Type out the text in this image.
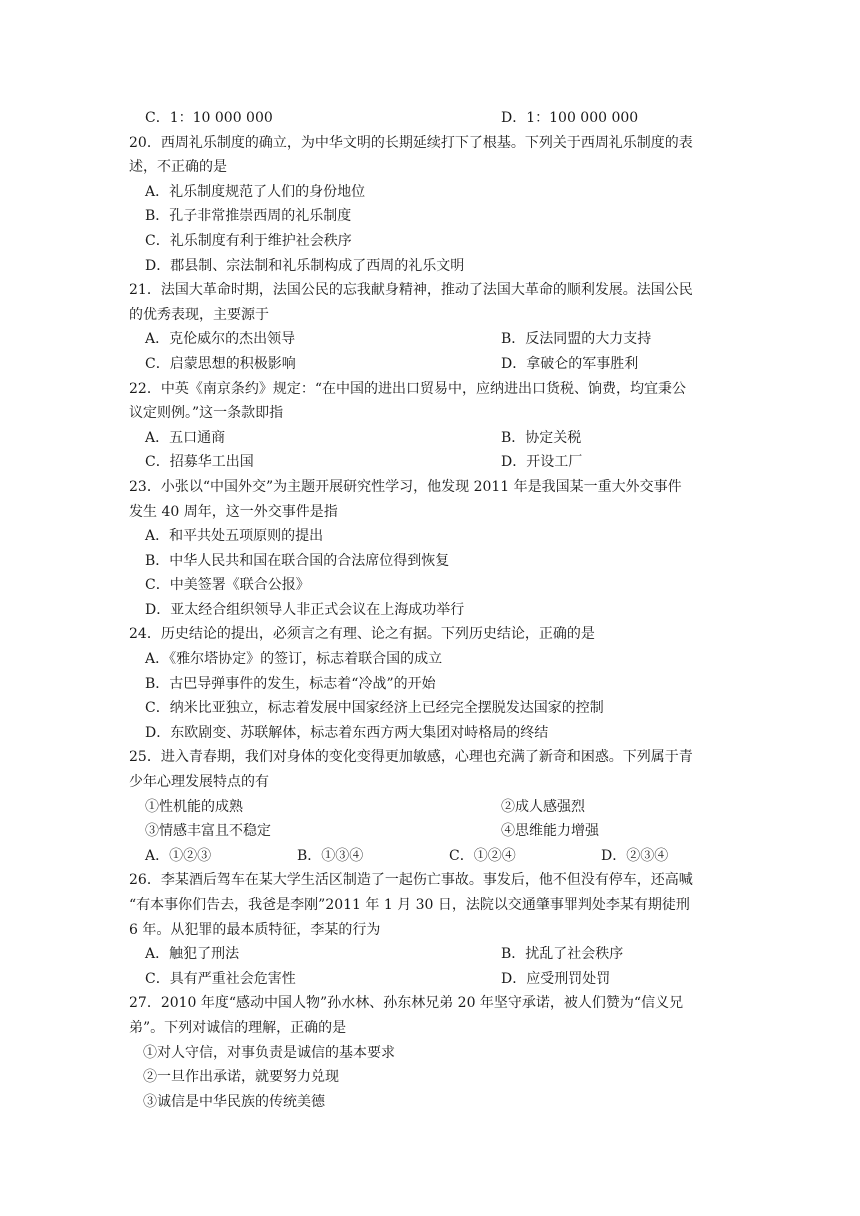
C．1：10 000 000	D．1：100 000 000
20．西周礼乐制度的确立，为中华文明的长期延续打下了根基。下列关于西周礼乐制度的表
述，不正确的是
A．礼乐制度规范了人们的身份地位
B．孔子非常推崇西周的礼乐制度
C．礼乐制度有利于维护社会秩序
D．郡县制、宗法制和礼乐制构成了西周的礼乐文明
21．法国大革命时期，法国公民的忘我献身精神，推动了法国大革命的顺利发展。法国公民
的优秀表现，主要源于
A．克伦威尔的杰出领导	B．反法同盟的大力支持
C．启蒙思想的积极影响	D．拿破仑的军事胜利
22．中英《南京条约》规定：“在中国的进出口贸易中，应纳进出口货税、饷费，均宜秉公
议定则例。”这一条款即指
A．五口通商	B．协定关税
C．招募华工出国	D．开设工厂
23．小张以“中国外交”为主题开展研究性学习，他发现 2011 年是我国某一重大外交事件
发生 40 周年，这一外交事件是指
A．和平共处五项原则的提出
B．中华人民共和国在联合国的合法席位得到恢复
C．中美签署《联合公报》
D．亚太经合组织领导人非正式会议在上海成功举行
24．历史结论的提出，必须言之有理、论之有据。下列历史结论，正确的是
A．《雅尔塔协定》的签订，标志着联合国的成立
B．古巴导弹事件的发生，标志着“冷战”的开始
C．纳米比亚独立，标志着发展中国家经济上已经完全摆脱发达国家的控制
D．东欧剧变、苏联解体，标志着东西方两大集团对峙格局的终结
25．进入青春期，我们对身体的变化变得更加敏感，心理也充满了新奇和困惑。下列属于青
少年心理发展特点的有
①性机能的成熟	②成人感强烈
③情感丰富且不稳定	④思维能力增强
A．①②③	B．①③④	C．①②④	D．②③④
26．李某酒后驾车在某大学生活区制造了一起伤亡事故。事发后，他不但没有停车，还高喊
“有本事你们告去，我爸是李刚”2011 年 1 月 30 日，法院以交通肇事罪判处李某有期徒刑
6 年。从犯罪的最本质特征，李某的行为
A．触犯了刑法	B．扰乱了社会秩序
C．具有严重社会危害性	D．应受刑罚处罚
27．2010 年度“感动中国人物”孙水林、孙东林兄弟 20 年坚守承诺，被人们赞为“信义兄
弟”。下列对诚信的理解，正确的是
①对人守信，对事负责是诚信的基本要求
②一旦作出承诺，就要努力兑现
③诚信是中华民族的传统美德
